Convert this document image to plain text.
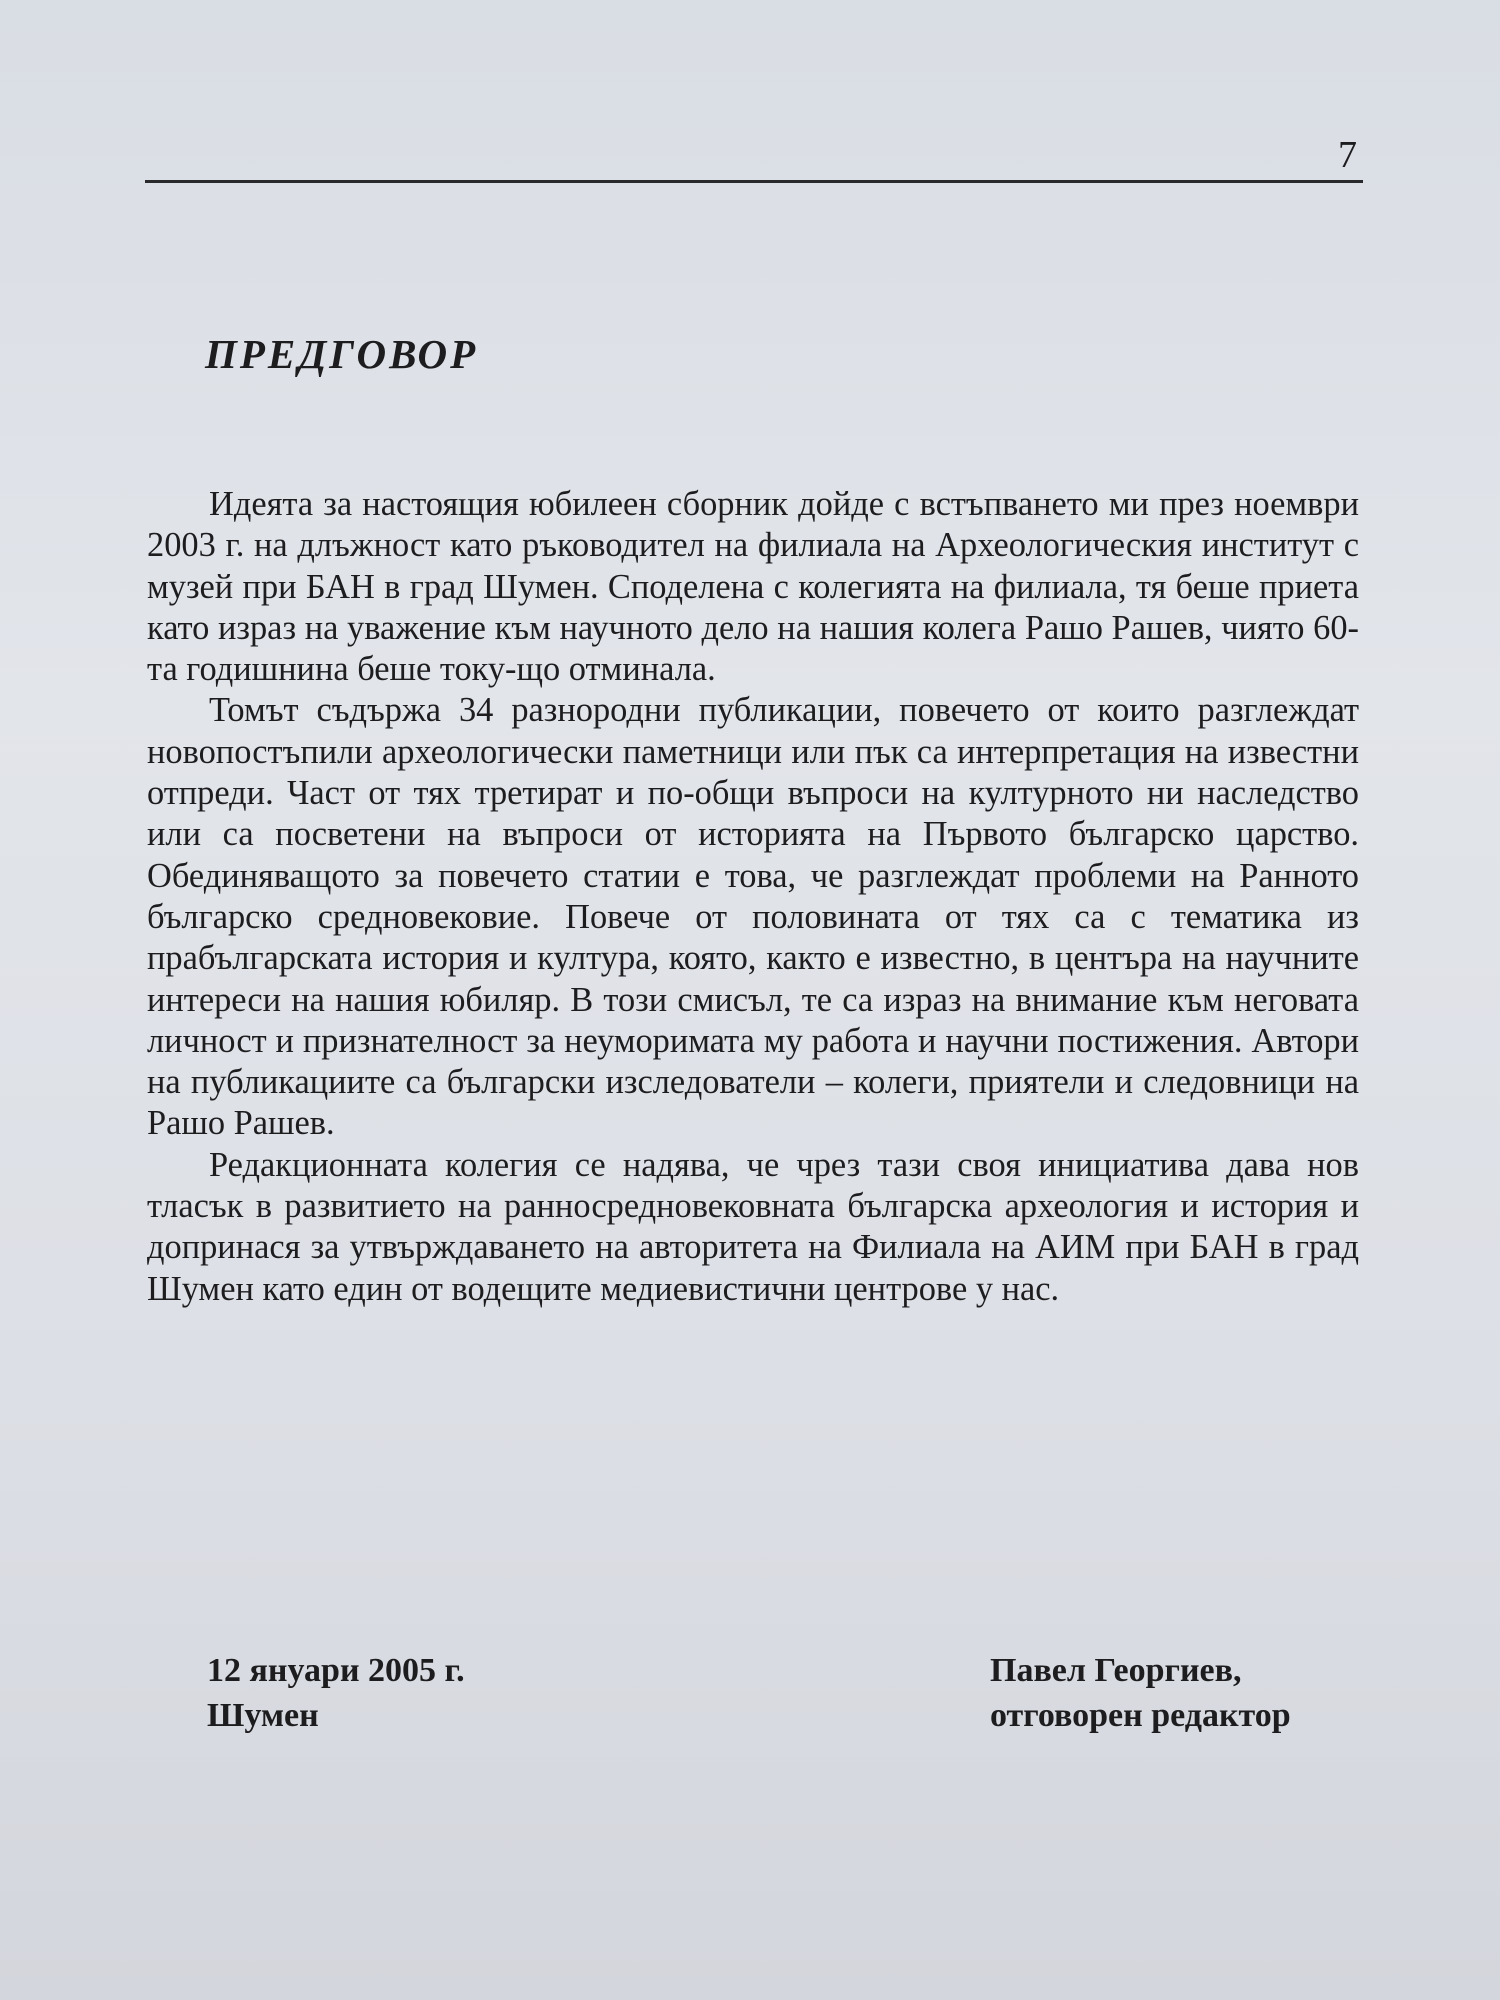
7
ПРЕДГОВОР

Идеята за настоящия юбилеен сборник дойде с встъпването ми през ноември 2003 г. на длъжност като ръководител на филиала на Археологическия институт с музей при БАН в град Шумен. Споделена с колегията на филиала, тя беше приета като израз на уважение към научното дело на нашия колега Рашо Рашев, чиято 60-та годишнина беше току-що отминала.

Томът съдържа 34 разнородни публикации, повечето от които разглеждат новопостъпили археологически паметници или пък са интерпретация на известни отпреди. Част от тях третират и по-общи въпроси на културното ни наследство или са посветени на въпроси от историята на Първото българско царство. Обединяващото за повечето статии е това, че разглеждат проблеми на Ранното българско средновековие. Повече от половината от тях са с тематика из прабългарската история и култура, която, както е известно, в центъра на научните интереси на нашия юбиляр. В този смисъл, те са израз на внимание към неговата личност и признателност за неуморимата му работа и научни постижения. Автори на публикациите са български изследователи – колеги, приятели и следовници на Рашо Рашев.

Редакционната колегия се надява, че чрез тази своя инициатива дава нов тласък в развитието на ранносредновековната българска археология и история и допринася за утвърждаването на авторитета на Филиала на АИМ при БАН в град Шумен като един от водещите медиевистични центрове у нас.

12 януари 2005 г.
Шумен
Павел Георгиев,
отговорен редактор
